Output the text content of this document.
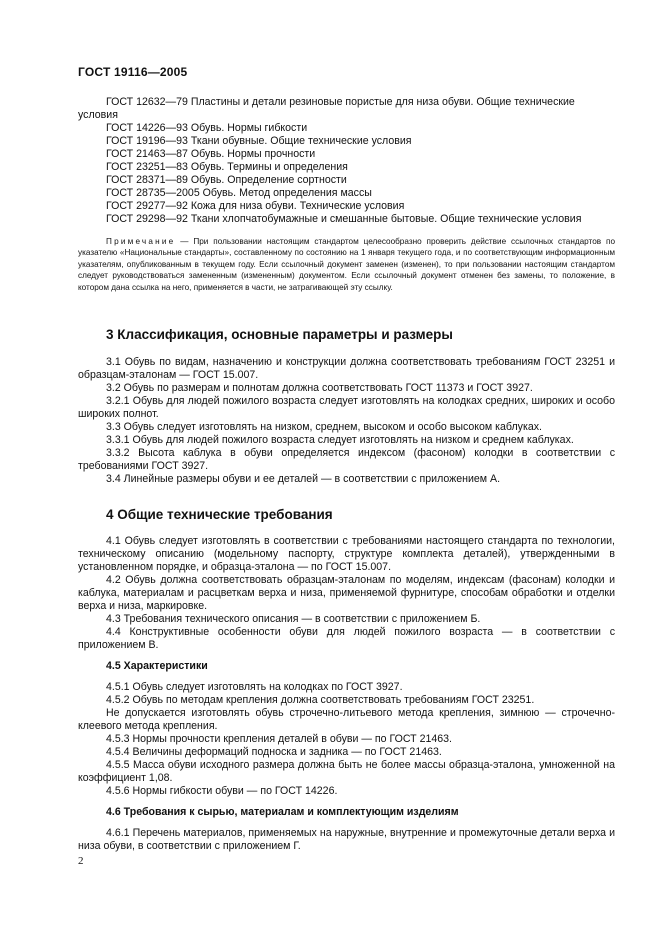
ГОСТ 19116—2005

ГОСТ 12632—79 Пластины и детали резиновые пористые для низа обуви. Общие технические

условия

ГОСТ 14226—93 Обувь. Нормы гибкости

ГОСТ 19196—93 Ткани обувные. Общие технические условия

ГОСТ 21463—87 Обувь. Нормы прочности

ГОСТ 23251—83 Обувь. Термины и определения

ГОСТ 28371—89 Обувь. Определение сортности

ГОСТ 28735—2005 Обувь. Метод определения массы

ГОСТ 29277—92 Кожа для низа обуви. Технические условия

ГОСТ 29298—92 Ткани хлопчатобумажные и смешанные бытовые. Общие технические условия

Примечание — При пользовании настоящим стандартом целесообразно проверить действие ссылочных стандартов по указателю «Национальные стандарты», составленному по состоянию на 1 января текущего года, и по соответствующим информационным указателям, опубликованным в текущем году. Если ссылочный документ заменен (изменен), то при пользовании настоящим стандартом следует руководствоваться замененным (измененным) документом. Если ссылочный документ отменен без замены, то положение, в котором дана ссылка на него, применяется в части, не затрагивающей эту ссылку.
3 Классификация, основные параметры и размеры

3.1 Обувь по видам, назначению и конструкции должна соответствовать требованиям ГОСТ 23251 и образцам-эталонам — ГОСТ 15.007.

3.2 Обувь по размерам и полнотам должна соответствовать ГОСТ 11373 и ГОСТ 3927.

3.2.1 Обувь для людей пожилого возраста следует изготовлять на колодках средних, широких и особо широких полнот.

3.3 Обувь следует изготовлять на низком, среднем, высоком и особо высоком каблуках.

3.3.1 Обувь для людей пожилого возраста следует изготовлять на низком и среднем каблуках.

3.3.2 Высота каблука в обуви определяется индексом (фасоном) колодки в соответствии с требованиями ГОСТ 3927.

3.4 Линейные размеры обуви и ее деталей — в соответствии с приложением А.

4 Общие технические требования

4.1 Обувь следует изготовлять в соответствии с требованиями настоящего стандарта по технологии, техническому описанию (модельному паспорту, структуре комплекта деталей), утвержденными в установленном порядке, и образца-эталона — по ГОСТ 15.007.

4.2 Обувь должна соответствовать образцам-эталонам по моделям, индексам (фасонам) колодки и каблука, материалам и расцветкам верха и низа, применяемой фурнитуре, способам обработки и отделки верха и низа, маркировке.

4.3 Требования технического описания — в соответствии с приложением Б.

4.4 Конструктивные особенности обуви для людей пожилого возраста — в соответствии с приложением В.

4.5 Характеристики

4.5.1 Обувь следует изготовлять на колодках по ГОСТ 3927.

4.5.2 Обувь по методам крепления должна соответствовать требованиям ГОСТ 23251.

Не допускается изготовлять обувь строчечно-литьевого метода крепления, зимнюю — строчечно-клеевого метода крепления.

4.5.3 Нормы прочности крепления деталей в обуви — по ГОСТ 21463.

4.5.4 Величины деформаций подноска и задника — по ГОСТ 21463.

4.5.5 Масса обуви исходного размера должна быть не более массы образца-эталона, умноженной на коэффициент 1,08.

4.5.6 Нормы гибкости обуви — по ГОСТ 14226.

4.6 Требования к сырью, материалам и комплектующим изделиям

4.6.1 Перечень материалов, применяемых на наружные, внутренние и промежуточные детали верха и низа обуви, в соответствии с приложением Г.

2
